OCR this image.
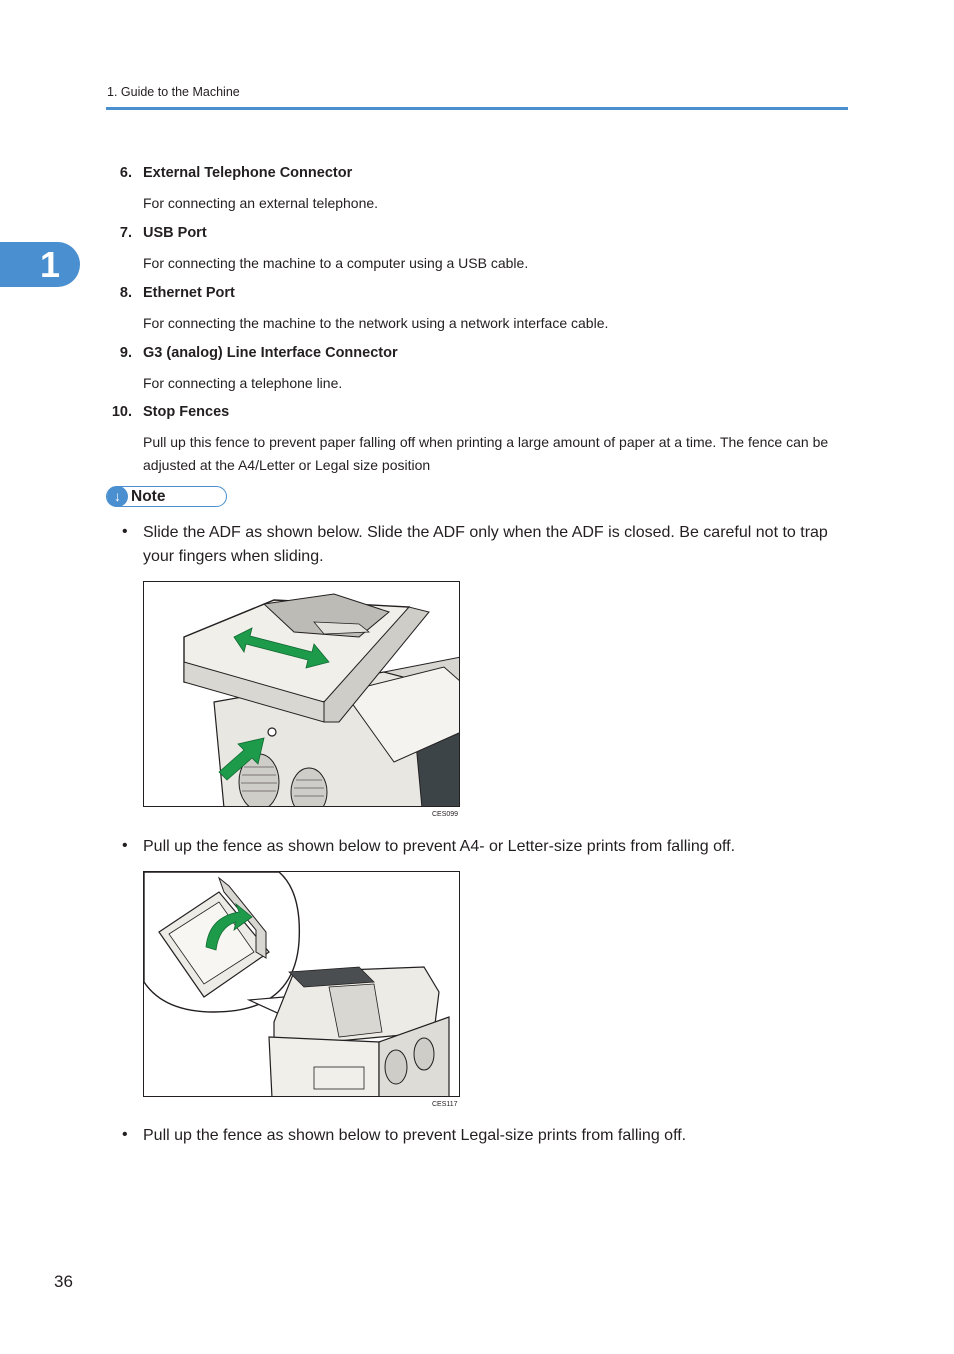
1. Guide to the Machine
1
6. External Telephone Connector
For connecting an external telephone.
7. USB Port
For connecting the machine to a computer using a USB cable.
8. Ethernet Port
For connecting the machine to the network using a network interface cable.
9. G3 (analog) Line Interface Connector
For connecting a telephone line.
10. Stop Fences
Pull up this fence to prevent paper falling off when printing a large amount of paper at a time. The fence can be adjusted at the A4/Letter or Legal size position
↓ Note
• Slide the ADF as shown below. Slide the ADF only when the ADF is closed. Be careful not to trap your fingers when sliding.
CES099
• Pull up the fence as shown below to prevent A4- or Letter-size prints from falling off.
CES117
• Pull up the fence as shown below to prevent Legal-size prints from falling off.
36
